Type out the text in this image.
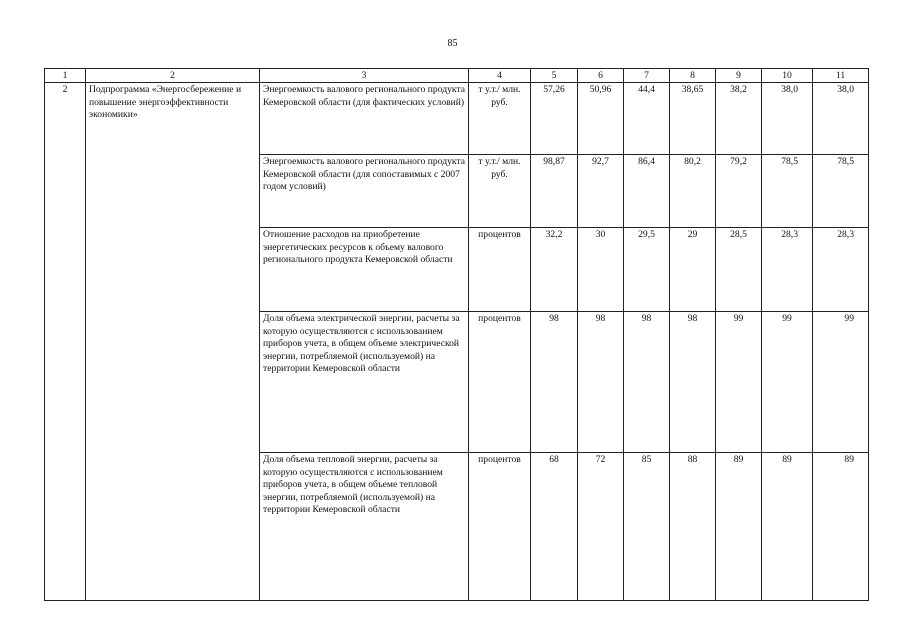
85
1	2	3	4	5	6	7	8	9	10	11
2	Подпрограмма «Энергосбережение и повышение энергоэффективности экономики»	Энергоемкость валового регионального продукта Кемеровской области (для фактических условий)	т у.т./ млн. руб.	57,26	50,96	44,4	38,65	38,2	38,0	38,0
		Энергоемкость валового регионального продукта Кемеровской области (для сопоставимых с 2007 годом условий)	т у.т./ млн. руб.	98,87	92,7	86,4	80,2	79,2	78,5	78,5
		Отношение расходов на приобретение энергетических ресурсов к объему валового регионального продукта Кемеровской области	процентов	32,2	30	29,5	29	28,5	28,3	28,3
		Доля объема электрической энергии, расчеты за которую осуществляются с использованием приборов учета, в общем объеме электрической энергии, потребляемой (используемой) на территории Кемеровской области	процентов	98	98	98	98	99	99	99
		Доля объема тепловой энергии, расчеты за которую осуществляются с использованием приборов учета, в общем объеме тепловой энергии, потребляемой (используемой) на территории Кемеровской области	процентов	68	72	85	88	89	89	89
